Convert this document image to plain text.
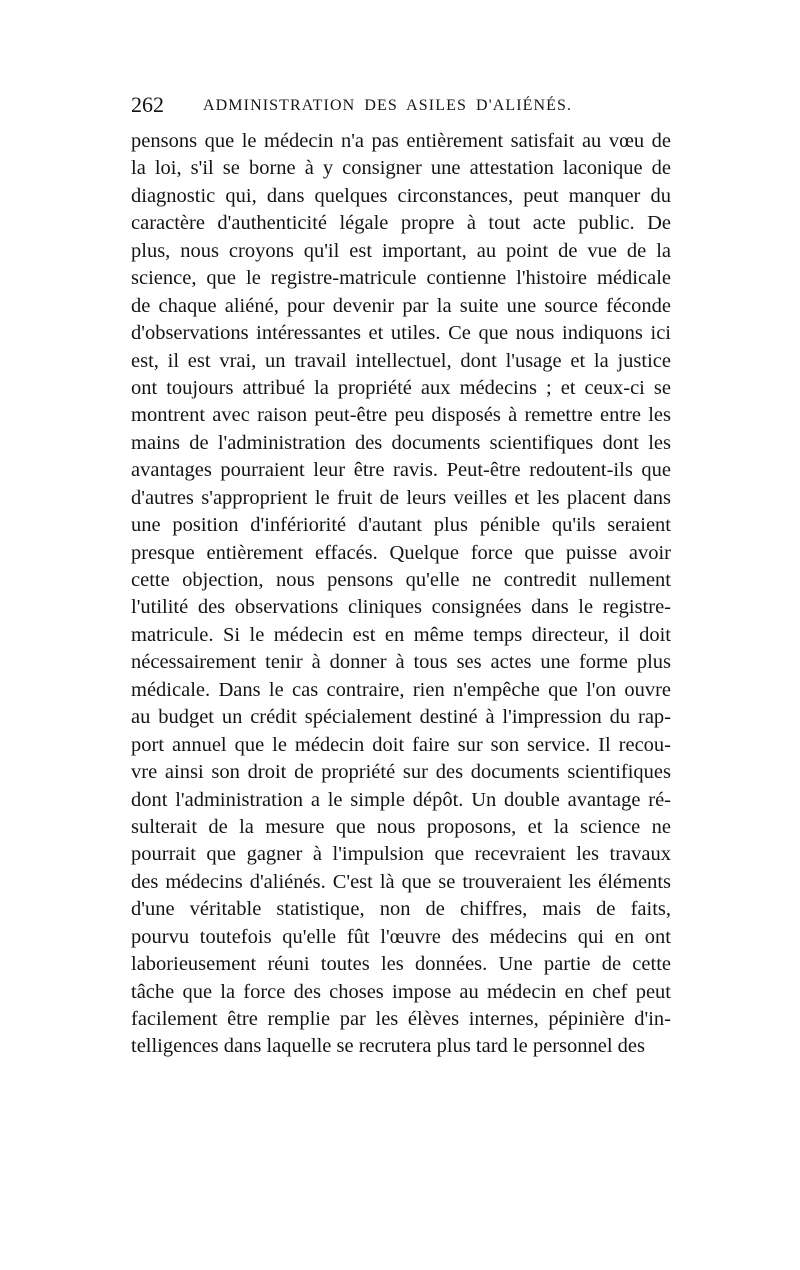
262 ADMINISTRATION DES ASILES D'ALIÉNÉS.
pensons que le médecin n'a pas entièrement satisfait au vœu de
la loi, s'il se borne à y consigner une attestation laconique de
diagnostic qui, dans quelques circonstances, peut manquer du
caractère d'authenticité légale propre à tout acte public. De
plus, nous croyons qu'il est important, au point de vue de la
science, que le registre-matricule contienne l'histoire médicale
de chaque aliéné, pour devenir par la suite une source féconde
d'observations intéressantes et utiles. Ce que nous indiquons ici
est, il est vrai, un travail intellectuel, dont l'usage et la justice
ont toujours attribué la propriété aux médecins ; et ceux-ci se
montrent avec raison peut-être peu disposés à remettre entre les
mains de l'administration des documents scientifiques dont les
avantages pourraient leur être ravis. Peut-être redoutent-ils que
d'autres s'approprient le fruit de leurs veilles et les placent dans
une position d'infériorité d'autant plus pénible qu'ils seraient
presque entièrement effacés. Quelque force que puisse avoir
cette objection, nous pensons qu'elle ne contredit nullement
l'utilité des observations cliniques consignées dans le registre-
matricule. Si le médecin est en même temps directeur, il doit
nécessairement tenir à donner à tous ses actes une forme plus
médicale. Dans le cas contraire, rien n'empêche que l'on ouvre
au budget un crédit spécialement destiné à l'impression du rap-
port annuel que le médecin doit faire sur son service. Il recou-
vre ainsi son droit de propriété sur des documents scientifiques
dont l'administration a le simple dépôt. Un double avantage ré-
sulterait de la mesure que nous proposons, et la science ne
pourrait que gagner à l'impulsion que recevraient les travaux
des médecins d'aliénés. C'est là que se trouveraient les éléments
d'une véritable statistique, non de chiffres, mais de faits,
pourvu toutefois qu'elle fût l'œuvre des médecins qui en ont
laborieusement réuni toutes les données. Une partie de cette
tâche que la force des choses impose au médecin en chef peut
facilement être remplie par les élèves internes, pépinière d'in-
telligences dans laquelle se recrutera plus tard le personnel des
